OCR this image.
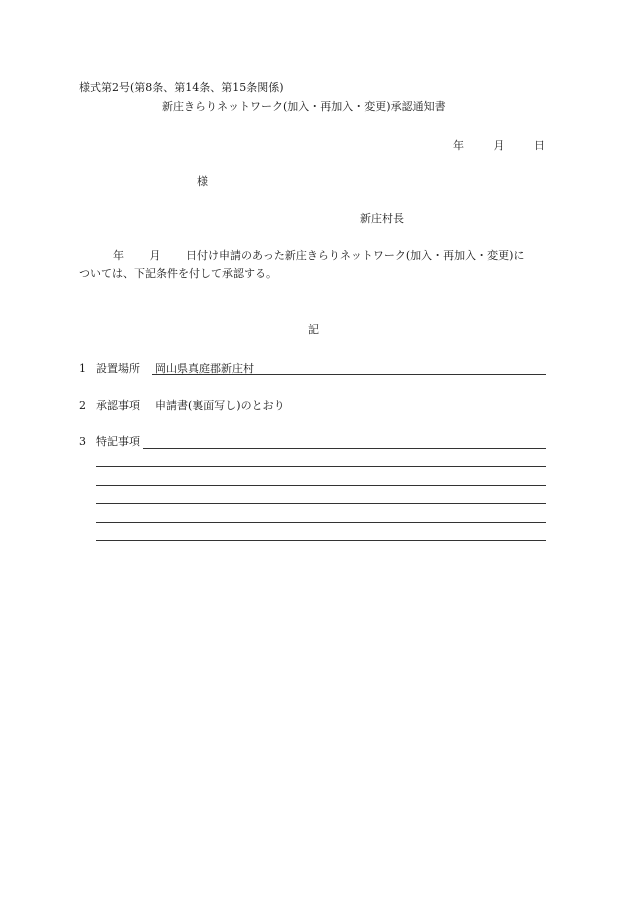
様式第2号(第8条、第14条、第15条関係)
新庄きらりネットワーク(加入・再加入・変更)承認通知書
年	月	日
様
新庄村長
年 月 日付け申請のあった新庄きらりネットワーク(加入・再加入・変更)に
ついては、下記条件を付して承認する。
記
1 設置場所 岡山県真庭郡新庄村
2 承認事項 申請書(裏面写し)のとおり
3 特記事項
